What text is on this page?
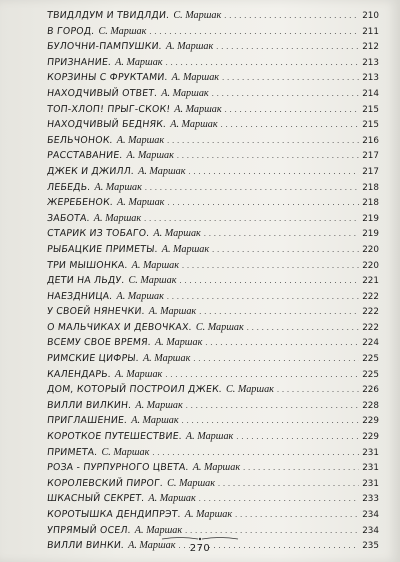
ТВИДЛДУМ И ТВИДЛДИ. С. Маршак . . .	210
В ГОРОД. С. Маршак . . .	211
БУЛОЧНИ-ПАМПУШКИ. А. Маршак . . .	212
ПРИЗНАНИЕ. А. Маршак . . .	213
КОРЗИНЫ С ФРУКТАМИ. А. Маршак . . .	213
НАХОДЧИВЫЙ ОТВЕТ. А. Маршак . . .	214
ТОП-ХЛОП! ПРЫГ-СКОК! А. Маршак . . .	215
НАХОДЧИВЫЙ БЕДНЯК. А. Маршак . . .	215
БЕЛЬЧОНОК. А. Маршак . . .	216
РАССТАВАНИЕ. А. Маршак . . .	217
ДЖЕК И ДЖИЛЛ. А. Маршак . . .	217
ЛЕБЕДЬ. А. Маршак . . .	218
ЖЕРЕБЕНОК. А. Маршак . . .	218
ЗАБОТА. А. Маршак . . .	219
СТАРИК ИЗ ТОБАГО. А. Маршак . . .	219
РЫБАЦКИЕ ПРИМЕТЫ. А. Маршак . . .	220
ТРИ МЫШОНКА. А. Маршак . . .	220
ДЕТИ НА ЛЬДУ. С. Маршак . . .	221
НАЕЗДНИЦА. А. Маршак . . .	222
У СВОЕЙ НЯНЕЧКИ. А. Маршак . . .	222
О МАЛЬЧИКАХ И ДЕВОЧКАХ. С. Маршак . . .	222
ВСЕМУ СВОЕ ВРЕМЯ. А. Маршак . . .	224
РИМСКИЕ ЦИФРЫ. А. Маршак . . .	225
КАЛЕНДАРЬ. А. Маршак . . .	225
ДОМ, КОТОРЫЙ ПОСТРОИЛ ДЖЕК. С. Маршак . . .	226
ВИЛЛИ ВИЛКИН. А. Маршак . . .	228
ПРИГЛАШЕНИЕ. А. Маршак . . .	229
КОРОТКОЕ ПУТЕШЕСТВИЕ. А. Маршак . . .	229
ПРИМЕТА. С. Маршак . . .	231
РОЗА - ПУРПУРНОГО ЦВЕТА. А. Маршак . . .	231
КОРОЛЕВСКИЙ ПИРОГ. С. Маршак . . .	231
ШКАСНЫЙ СЕКРЕТ. А. Маршак . . .	233
КОРОТЫШКА ДЕНДИПРЭТ. А. Маршак . . .	234
УПРЯМЫЙ ОСЕЛ. А. Маршак . . .	234
ВИЛЛИ ВИНКИ. А. Маршак . . .	235
270
